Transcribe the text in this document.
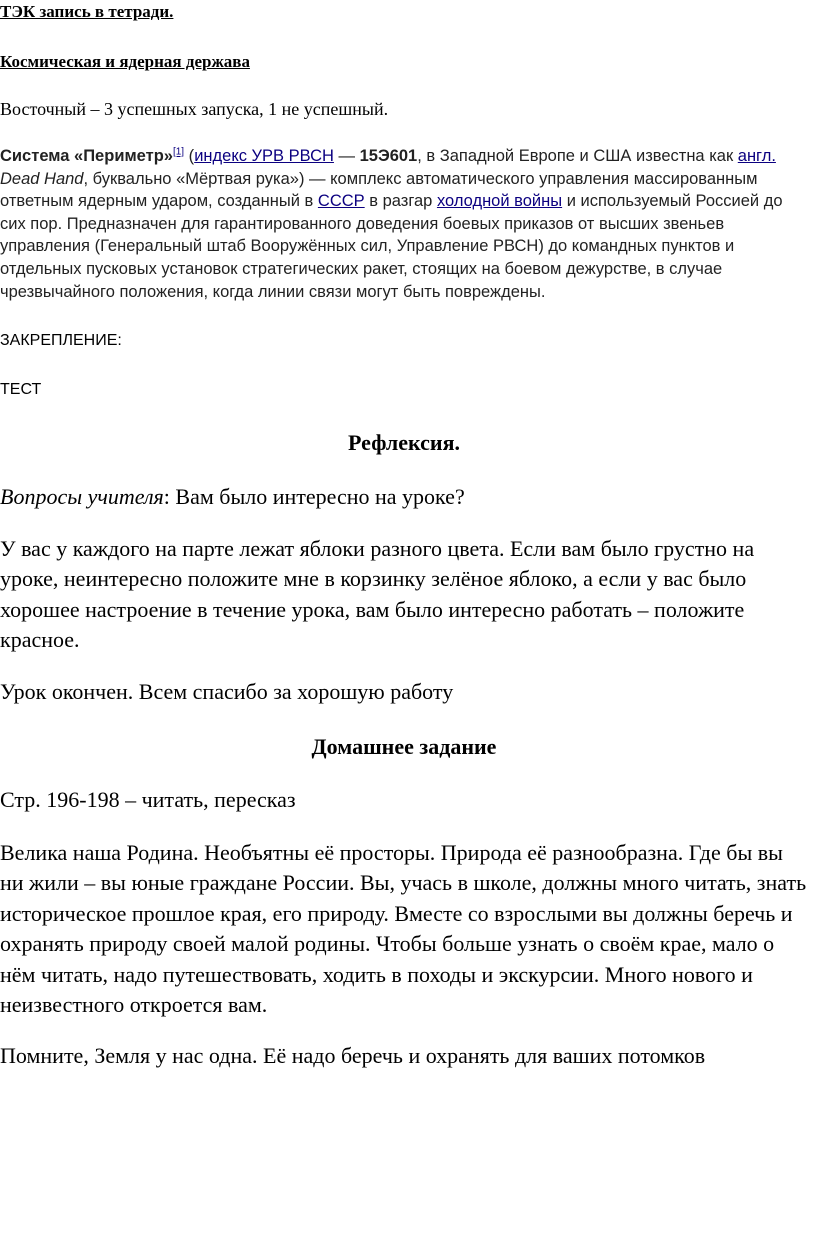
ТЭК запись в тетради.

Космическая и ядерная держава

Восточный – 3 успешных запуска, 1 не успешный.

Система «Периметр»[1] (индекс УРВ РВСН — 15Э601, в Западной Европе и США известна как англ. Dead Hand, буквально «Мёртвая рука») — комплекс автоматического управления массированным ответным ядерным ударом, созданный в СССР в разгар холодной войны и используемый Россией до сих пор. Предназначен для гарантированного доведения боевых приказов от высших звеньев управления (Генеральный штаб Вооружённых сил, Управление РВСН) до командных пунктов и отдельных пусковых установок стратегических ракет, стоящих на боевом дежурстве, в случае чрезвычайного положения, когда линии связи могут быть повреждены.

ЗАКРЕПЛЕНИЕ:

ТЕСТ

Рефлексия.

Вопросы учителя: Вам было интересно на уроке?

У вас у каждого на парте лежат яблоки разного цвета. Если вам было грустно на уроке, неинтересно положите мне в корзинку зелёное яблоко, а если у вас было хорошее настроение в течение урока, вам было интересно работать – положите красное.

Урок окончен. Всем спасибо за хорошую работу

Домашнее задание

Стр. 196-198 – читать, пересказ

Велика наша Родина. Необъятны её просторы. Природа её разнообразна. Где бы вы ни жили – вы юные граждане России. Вы, учась в школе, должны много читать, знать историческое прошлое края, его природу. Вместе со взрослыми вы должны беречь и охранять природу своей малой родины. Чтобы больше узнать о своём крае, мало о нём читать, надо путешествовать, ходить в походы и экскурсии. Много нового и неизвестного откроется вам.

Помните, Земля у нас одна. Её надо беречь и охранять для ваших потомков
